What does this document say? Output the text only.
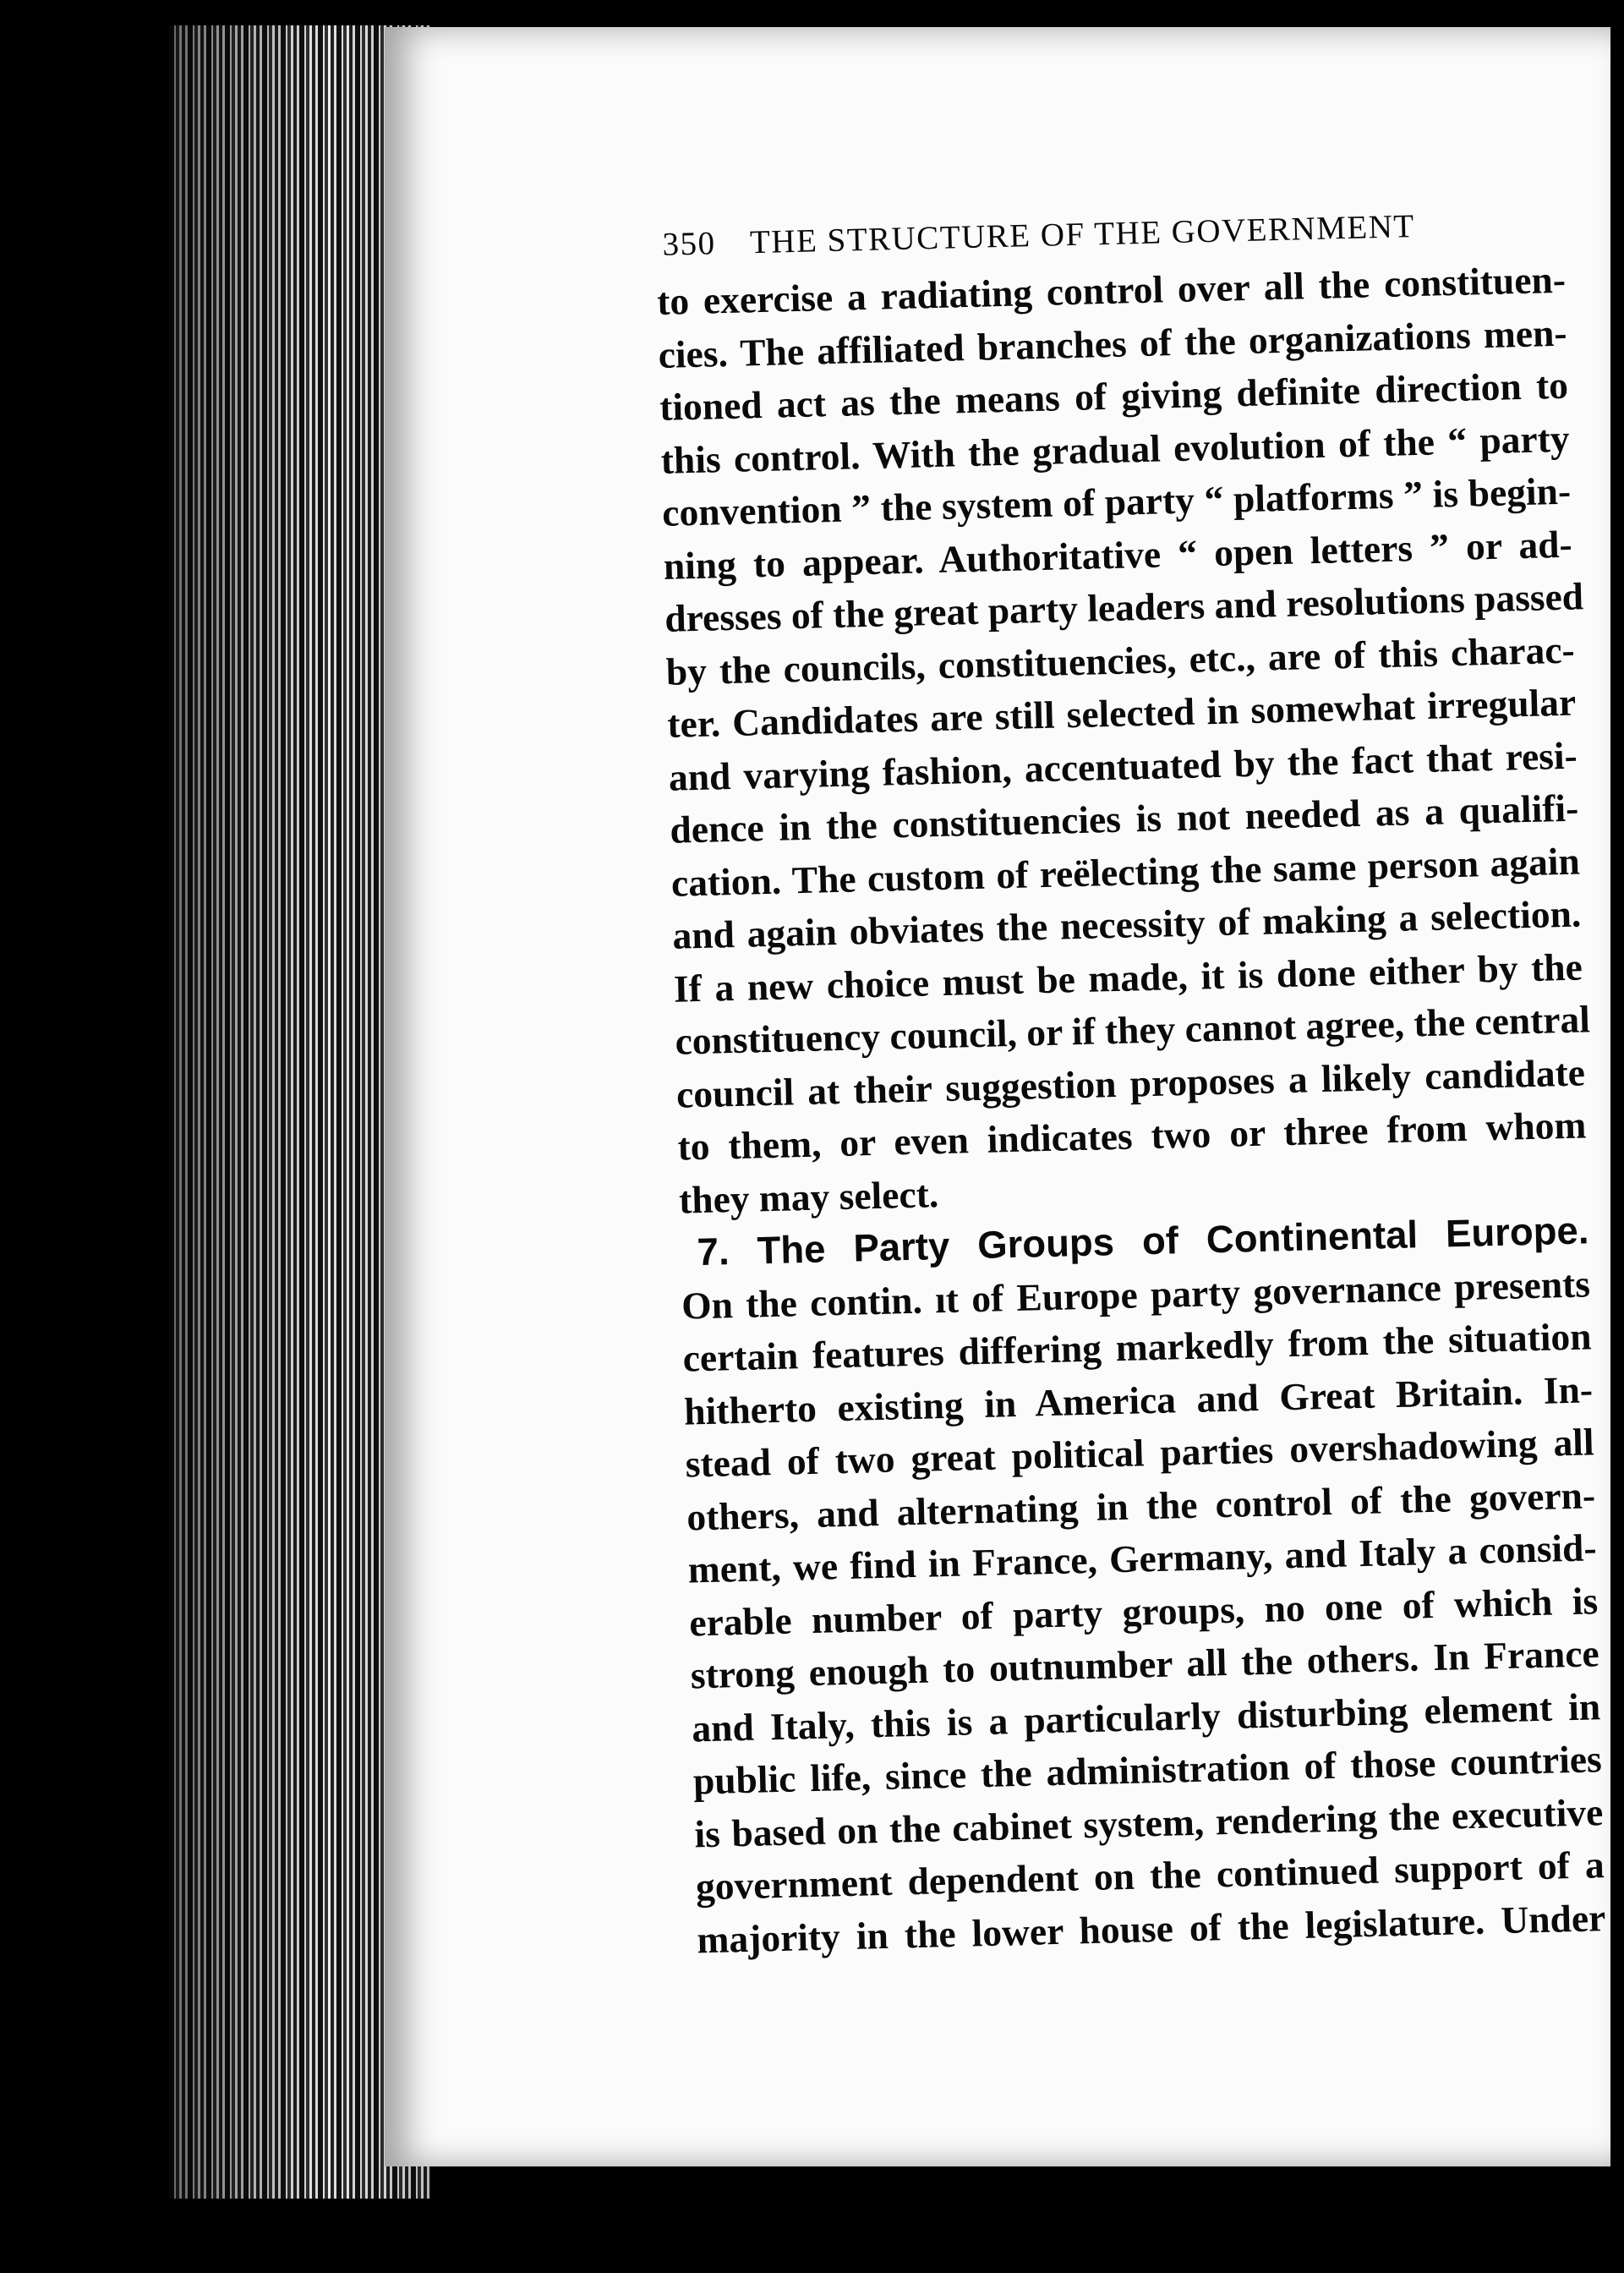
350 THE STRUCTURE OF THE GOVERNMENT
to exercise a radiating control over all the constituen-
cies. The affiliated branches of the organizations men-
tioned act as the means of giving definite direction to
this control. With the gradual evolution of the “ party
convention ” the system of party “ platforms ” is begin-
ning to appear. Authoritative “ open letters ” or ad-
dresses of the great party leaders and resolutions passed
by the councils, constituencies, etc., are of this charac-
ter. Candidates are still selected in somewhat irregular
and varying fashion, accentuated by the fact that resi-
dence in the constituencies is not needed as a qualifi-
cation. The custom of reëlecting the same person again
and again obviates the necessity of making a selection.
If a new choice must be made, it is done either by the
constituency council, or if they cannot agree, the central
council at their suggestion proposes a likely candidate
to them, or even indicates two or three from whom
they may select.
7. The Party Groups of Continental Europe.
On the contin. ıt of Europe party governance presents
certain features differing markedly from the situation
hitherto existing in America and Great Britain. In-
stead of two great political parties overshadowing all
others, and alternating in the control of the govern-
ment, we find in France, Germany, and Italy a consid-
erable number of party groups, no one of which is
strong enough to outnumber all the others. In France
and Italy, this is a particularly disturbing element in
public life, since the administration of those countries
is based on the cabinet system, rendering the executive
government dependent on the continued support of a
majority in the lower house of the legislature. Under
